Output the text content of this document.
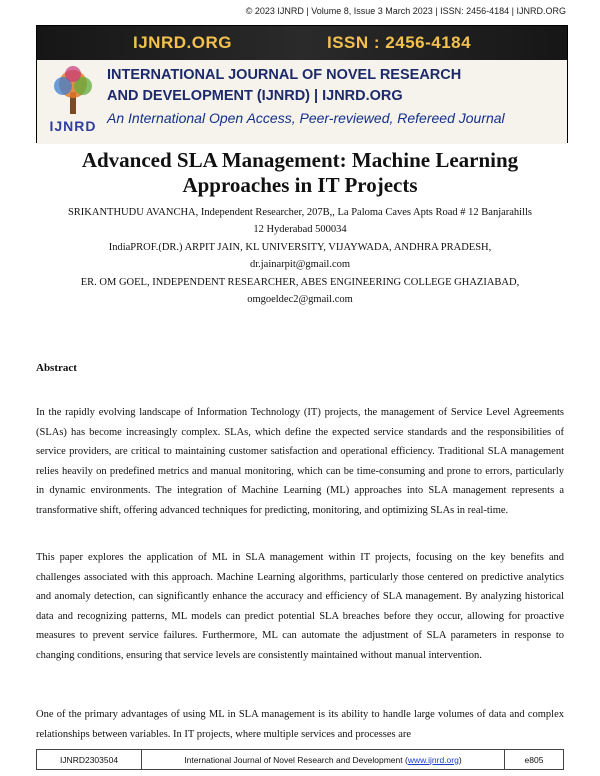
© 2023 IJNRD | Volume 8, Issue 3 March 2023 | ISSN: 2456-4184 | IJNRD.ORG
IJNRD.ORG	ISSN : 2456-4184
IJNRD
INTERNATIONAL JOURNAL OF NOVEL RESEARCH
AND DEVELOPMENT (IJNRD) | IJNRD.ORG
An International Open Access, Peer-reviewed, Refereed Journal
Advanced SLA Management: Machine Learning
Approaches in IT Projects
SRIKANTHUDU AVANCHA, Independent Researcher, 207B,, La Paloma Caves Apts Road # 12 Banjarahills
12 Hyderabad 500034
IndiaPROF.(DR.) ARPIT JAIN, KL UNIVERSITY, VIJAYWADA, ANDHRA PRADESH,
dr.jainarpit@gmail.com
ER. OM GOEL, INDEPENDENT RESEARCHER, ABES ENGINEERING COLLEGE GHAZIABAD,
omgoeldec2@gmail.com
Abstract

In the rapidly evolving landscape of Information Technology (IT) projects, the management of Service Level Agreements (SLAs) has become increasingly complex. SLAs, which define the expected service standards and the responsibilities of service providers, are critical to maintaining customer satisfaction and operational efficiency. Traditional SLA management relies heavily on predefined metrics and manual monitoring, which can be time-consuming and prone to errors, particularly in dynamic environments. The integration of Machine Learning (ML) approaches into SLA management represents a transformative shift, offering advanced techniques for predicting, monitoring, and optimizing SLAs in real-time.

This paper explores the application of ML in SLA management within IT projects, focusing on the key benefits and challenges associated with this approach. Machine Learning algorithms, particularly those centered on predictive analytics and anomaly detection, can significantly enhance the accuracy and efficiency of SLA management. By analyzing historical data and recognizing patterns, ML models can predict potential SLA breaches before they occur, allowing for proactive measures to prevent service failures. Furthermore, ML can automate the adjustment of SLA parameters in response to changing conditions, ensuring that service levels are consistently maintained without manual intervention.

One of the primary advantages of using ML in SLA management is its ability to handle large volumes of data and complex relationships between variables. In IT projects, where multiple services and processes are

IJNRD2303504	International Journal of Novel Research and Development ( www.ijnrd.org )	e805
